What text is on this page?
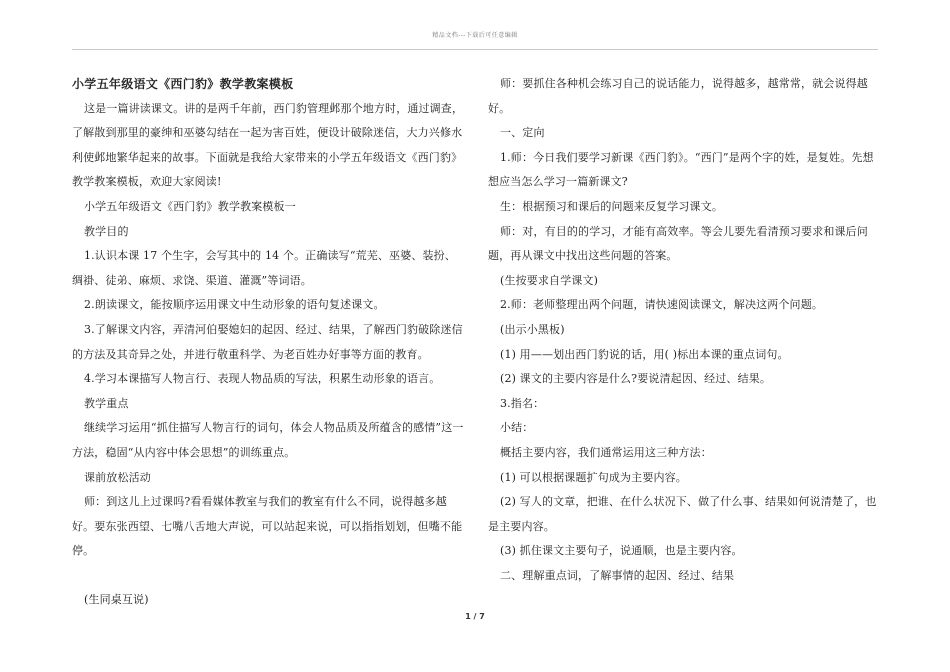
精品文档---下载后可任意编辑

小学五年级语文《西门豹》教学教案模板

这是一篇讲读课文。讲的是两千年前，西门豹管理邺那个地方时，通过调查，了解散到那里的豪绅和巫婆勾结在一起为害百姓，便设计破除迷信，大力兴修水利使邺地繁华起来的故事。下面就是我给大家带来的小学五年级语文《西门豹》教学教案模板，欢迎大家阅读!

小学五年级语文《西门豹》教学教案模板一

教学目的

1.认识本课 17 个生字，会写其中的 14 个。正确读写“荒芜、巫婆、装扮、绸褂、徒弟、麻烦、求饶、渠道、灌溉”等词语。

2.朗读课文，能按顺序运用课文中生动形象的语句复述课文。

3.了解课文内容，弄清河伯娶媳妇的起因、经过、结果，了解西门豹破除迷信的方法及其奇异之处，并进行敬重科学、为老百姓办好事等方面的教育。

4.学习本课描写人物言行、表现人物品质的写法，积累生动形象的语言。

教学重点

继续学习运用“抓住描写人物言行的词句，体会人物品质及所蕴含的感情”这一方法，稳固“从内容中体会思想”的训练重点。

课前放松活动

师：到这儿上过课吗?看看媒体教室与我们的教室有什么不同，说得越多越好。要东张西望、七嘴八舌地大声说，可以站起来说，可以指指划划，但嘴不能停。

(生同桌互说)

师：要抓住各种机会练习自己的说话能力，说得越多，越常常，就会说得越好。

一、定向

1.师：今日我们要学习新课《西门豹》。“西门”是两个字的姓，是复姓。先想想应当怎么学习一篇新课文?

生：根据预习和课后的问题来反复学习课文。

师：对，有目的的学习，才能有高效率。等会儿要先看清预习要求和课后问题，再从课文中找出这些问题的答案。

(生按要求自学课文)

2.师：老师整理出两个问题，请快速阅读课文，解决这两个问题。

(出示小黑板)

(1) 用——划出西门豹说的话，用( )标出本课的重点词句。

(2) 课文的主要内容是什么?要说清起因、经过、结果。

3.指名：

小结：

概括主要内容，我们通常运用这三种方法：

(1) 可以根据课题扩句成为主要内容。

(2) 写人的文章，把谁、在什么状况下、做了什么事、结果如何说清楚了，也是主要内容。

(3) 抓住课文主要句子，说通顺，也是主要内容。

二、理解重点词，了解事情的起因、经过、结果

1 / 7
